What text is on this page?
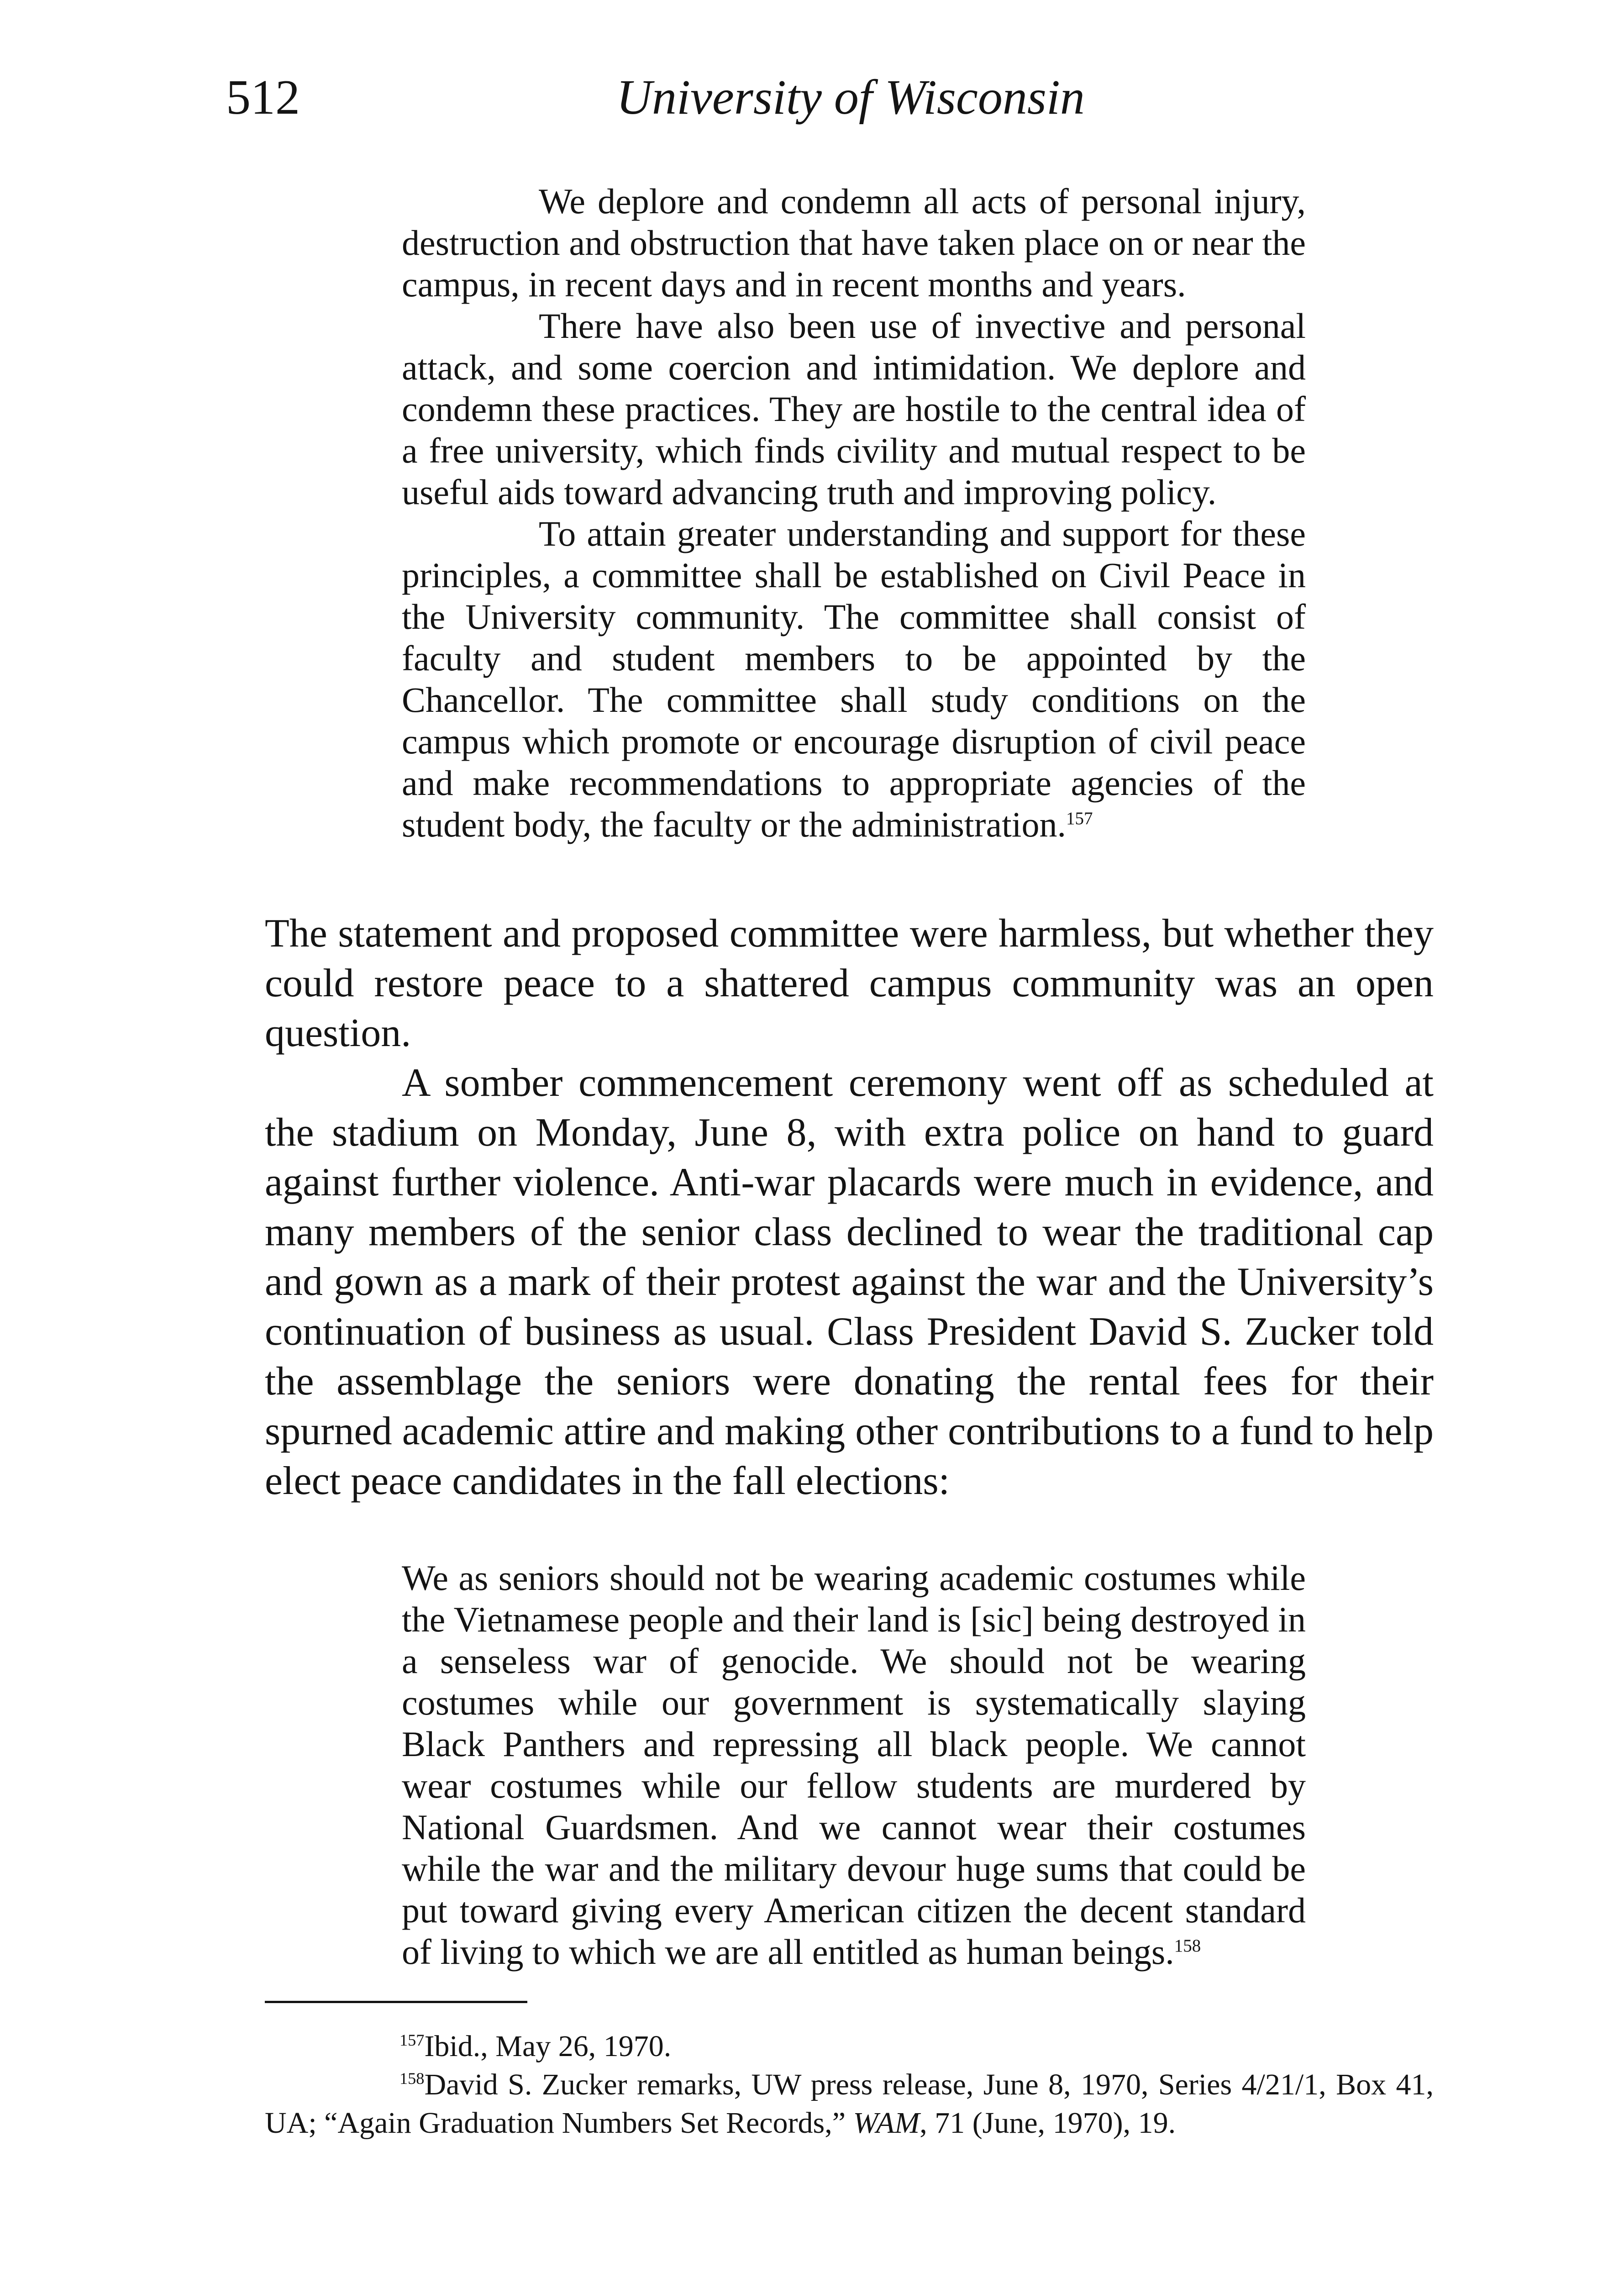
512	University of Wisconsin

We deplore and condemn all acts of personal injury, destruction and obstruction that have taken place on or near the campus, in recent days and in recent months and years.

There have also been use of invective and personal attack, and some coercion and intimidation. We deplore and condemn these practices. They are hostile to the central idea of a free university, which finds civility and mutual respect to be useful aids toward advancing truth and improving policy.

To attain greater understanding and support for these principles, a committee shall be established on Civil Peace in the University community. The committee shall consist of faculty and student members to be appointed by the Chancellor. The committee shall study conditions on the campus which promote or encourage disruption of civil peace and make recommendations to appropriate agencies of the student body, the faculty or the administration.$^{157}$

The statement and proposed committee were harmless, but whether they could restore peace to a shattered campus community was an open question.

A somber commencement ceremony went off as scheduled at the stadium on Monday, June 8, with extra police on hand to guard against further violence. Anti-war placards were much in evidence, and many members of the senior class declined to wear the traditional cap and gown as a mark of their protest against the war and the University’s continuation of business as usual. Class President David S. Zucker told the assemblage the seniors were donating the rental fees for their spurned academic attire and making other contributions to a fund to help elect peace candidates in the fall elections:

We as seniors should not be wearing academic costumes while the Vietnamese people and their land is [sic] being destroyed in a senseless war of genocide. We should not be wearing costumes while our government is systematically slaying Black Panthers and repressing all black people. We cannot wear costumes while our fellow students are murdered by National Guardsmen. And we cannot wear their costumes while the war and the military devour huge sums that could be put toward giving every American citizen the decent standard of living to which we are all entitled as human beings.$^{158}$

$^{157}$Ibid., May 26, 1970.

$^{158}$David S. Zucker remarks, UW press release, June 8, 1970, Series 4/21/1, Box 41, UA; “Again Graduation Numbers Set Records,” WAM, 71 (June, 1970), 19.
